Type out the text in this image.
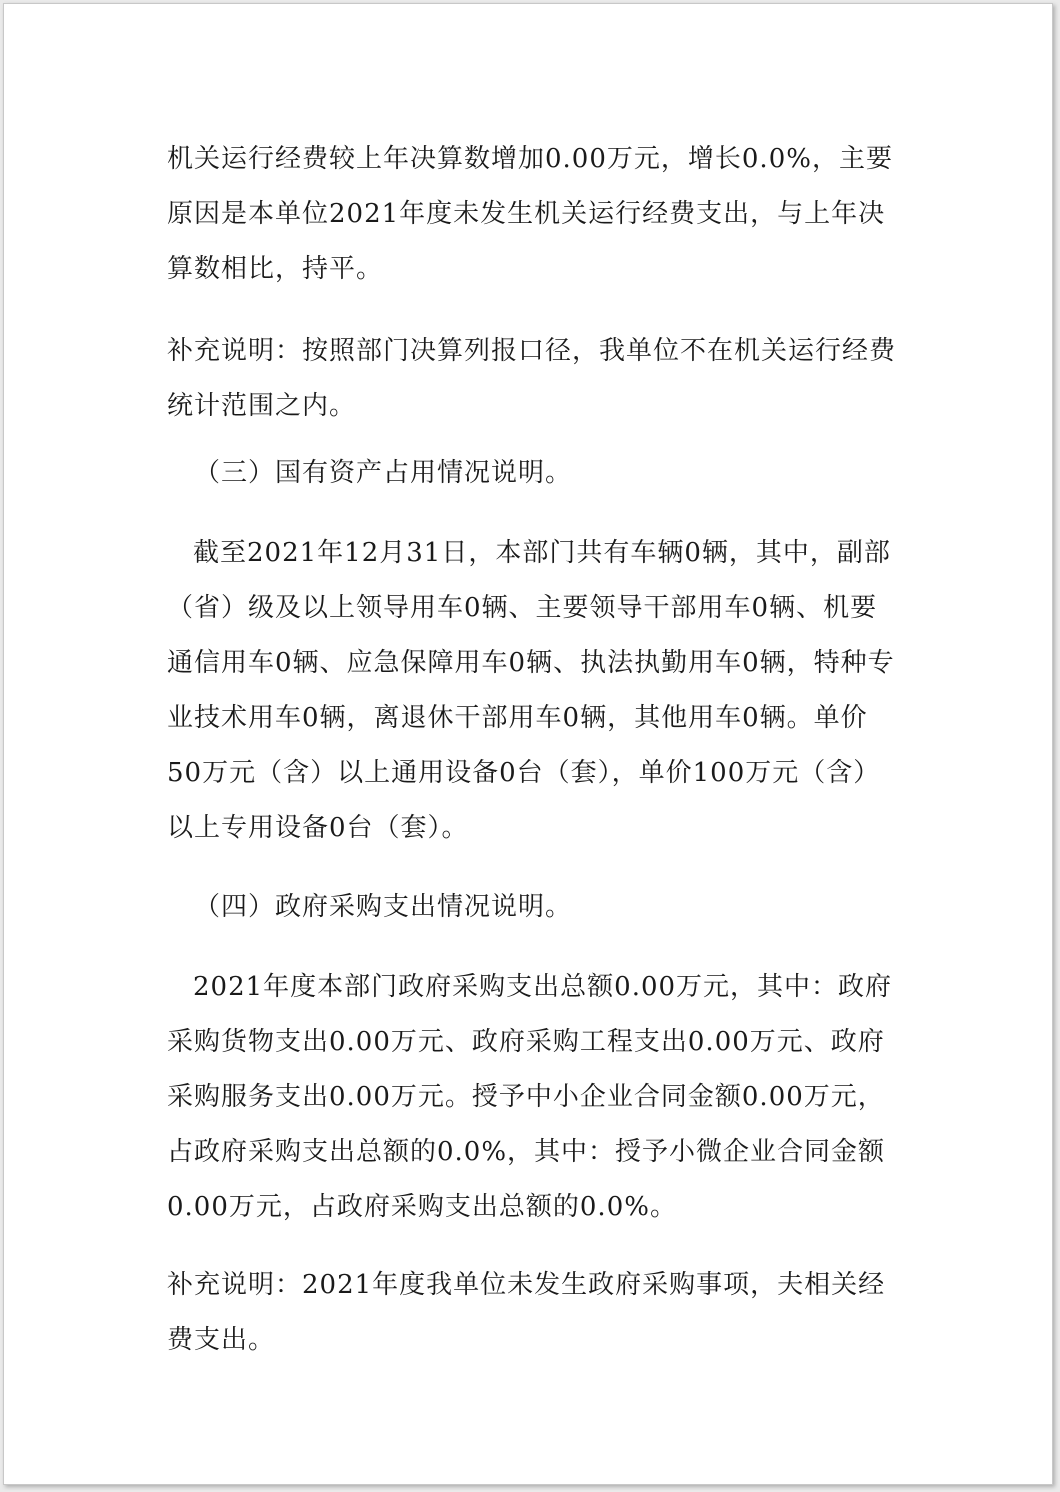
机关运行经费较上年决算数增加0.00万元，增长0.0%，主要原因是本单位2021年度未发生机关运行经费支出，与上年决算数相比，持平。

补充说明：按照部门决算列报口径，我单位不在机关运行经费统计范围之内。

（三）国有资产占用情况说明。

截至2021年12月31日，本部门共有车辆0辆，其中，副部（省）级及以上领导用车0辆、主要领导干部用车0辆、机要通信用车0辆、应急保障用车0辆、执法执勤用车0辆，特种专业技术用车0辆，离退休干部用车0辆，其他用车0辆。单价50万元（含）以上通用设备0台（套），单价100万元（含）以上专用设备0台（套）。

（四）政府采购支出情况说明。

2021年度本部门政府采购支出总额0.00万元，其中：政府采购货物支出0.00万元、政府采购工程支出0.00万元、政府采购服务支出0.00万元。授予中小企业合同金额0.00万元，占政府采购支出总额的0.0%，其中：授予小微企业合同金额0.00万元，占政府采购支出总额的0.0%。

补充说明：2021年度我单位未发生政府采购事项，夫相关经费支出。
